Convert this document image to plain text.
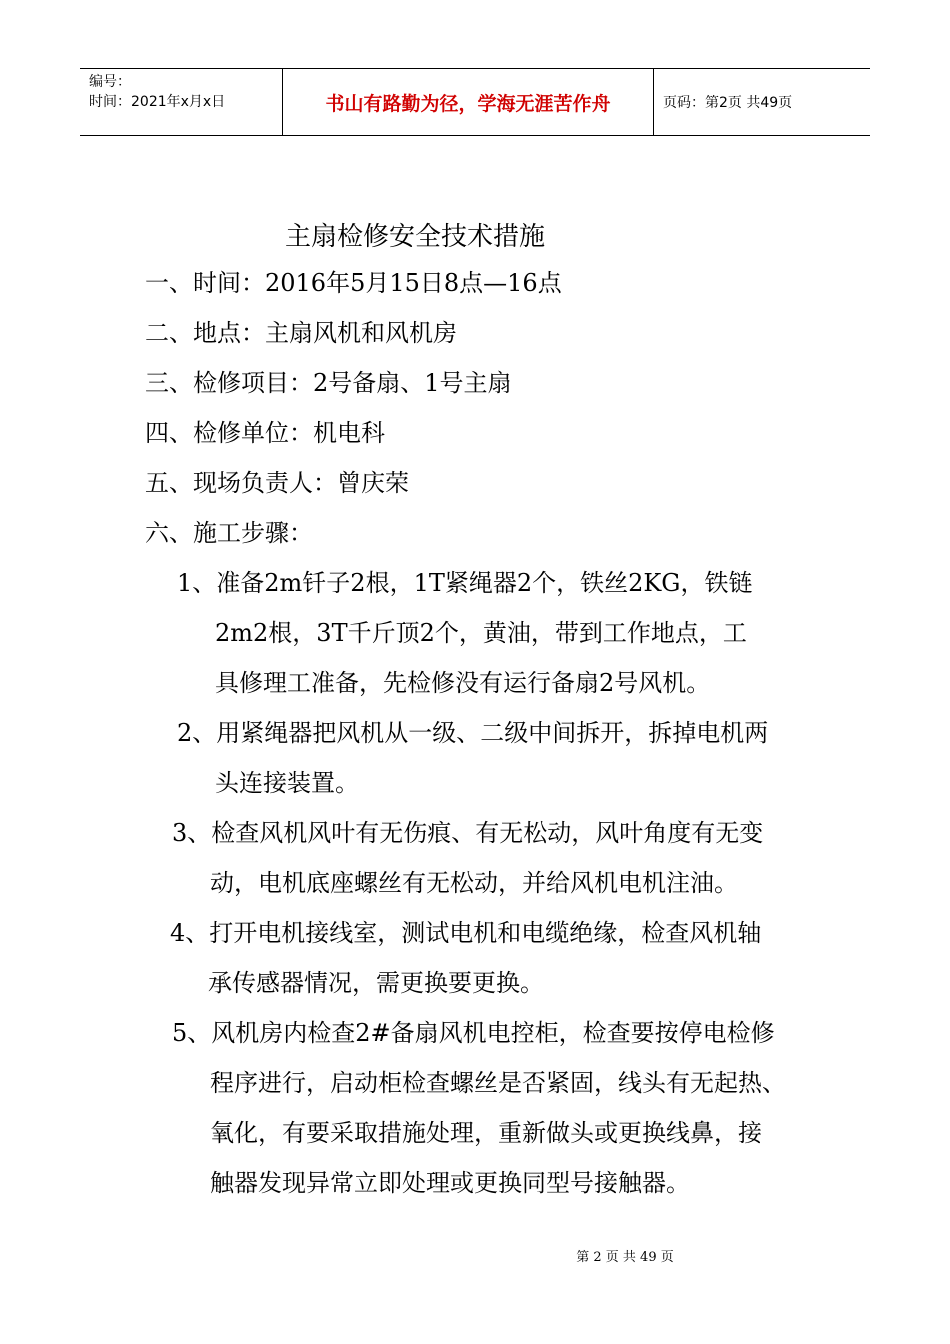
编号：
时间：2021年x月x日	书山有路勤为径，学海无涯苦作舟	页码：第2页 共49页
主扇检修安全技术措施
一、时间：2016年5月15日8点—16点
二、地点：主扇风机和风机房
三、检修项目：2号备扇、1号主扇
四、检修单位：机电科
五、现场负责人：曾庆荣
六、施工步骤：
1、准备2m钎子2根，1T紧绳器2个，铁丝2KG，铁链
2m2根，3T千斤顶2个，黄油，带到工作地点，工
具修理工准备，先检修没有运行备扇2号风机。
2、用紧绳器把风机从一级、二级中间拆开，拆掉电机两
头连接装置。
3、检查风机风叶有无伤痕、有无松动，风叶角度有无变
动，电机底座螺丝有无松动，并给风机电机注油。
4、打开电机接线室，测试电机和电缆绝缘，检查风机轴
承传感器情况，需更换要更换。
5、风机房内检查2#备扇风机电控柜，检查要按停电检修
程序进行，启动柜检查螺丝是否紧固，线头有无起热、
氧化，有要采取措施处理，重新做头或更换线鼻，接
触器发现异常立即处理或更换同型号接触器。
第 2 页 共 49 页
